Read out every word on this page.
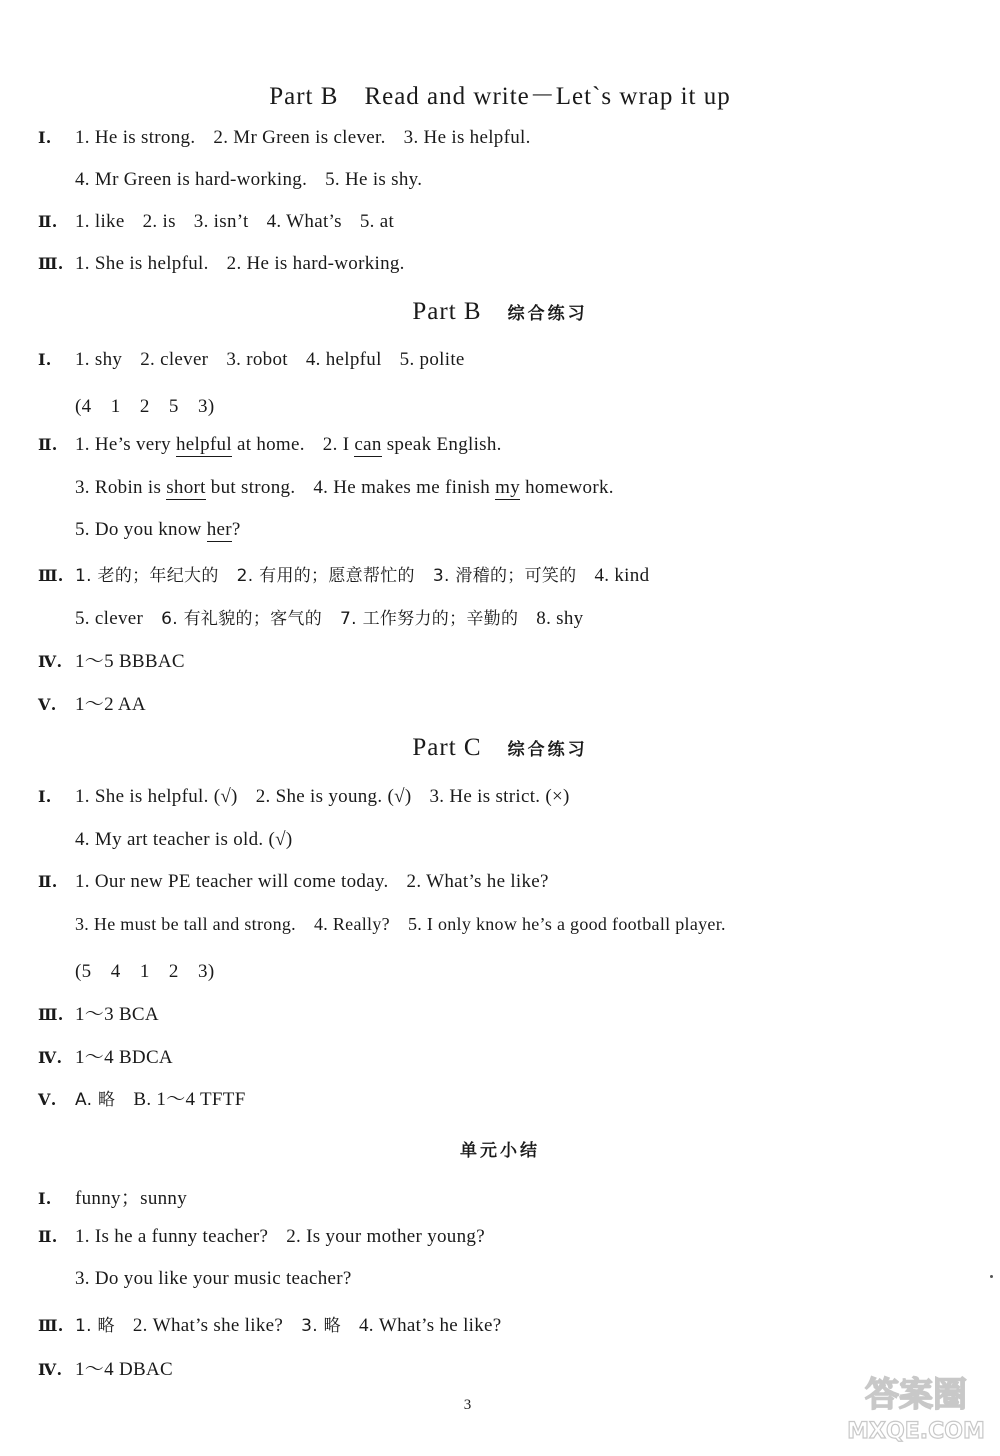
Part B Read and write－Let`s wrap it up
Ⅰ. 1. He is strong. 2. Mr Green is clever. 3. He is helpful.
4. Mr Green is hard-working. 5. He is shy.
Ⅱ. 1. like 2. is 3. isn’t 4. What’s 5. at
Ⅲ. 1. She is helpful. 2. He is hard-working.
Part B 综合练习
Ⅰ. 1. shy 2. clever 3. robot 4. helpful 5. polite
(4　1　2　5　3)
Ⅱ. 1. He’s very helpful at home. 2. I can speak English.
3. Robin is short but strong. 4. He makes me finish my homework.
5. Do you know her?
Ⅲ. 1. 老的；年纪大的 2. 有用的；愿意帮忙的 3. 滑稽的；可笑的 4. kind
5. clever 6. 有礼貌的；客气的 7. 工作努力的；辛勤的 8. shy
Ⅳ. 1～5 BBBAC
Ⅴ. 1～2 AA
Part C 综合练习
Ⅰ. 1. She is helpful. (√) 2. She is young. (√) 3. He is strict. (×)
4. My art teacher is old. (√)
Ⅱ. 1. Our new PE teacher will come today. 2. What’s he like?
3. He must be tall and strong. 4. Really? 5. I only know he’s a good football player.
(5　4　1　2　3)
Ⅲ. 1～3 BCA
Ⅳ. 1～4 BDCA
Ⅴ. A. 略 B. 1～4 TFTF
单元小结
Ⅰ. funny；sunny
Ⅱ. 1. Is he a funny teacher? 2. Is your mother young?
3. Do you like your music teacher?
Ⅲ. 1. 略 2. What’s she like? 3. 略 4. What’s he like?
Ⅳ. 1～4 DBAC
3	答案圈
MXQE.COM
